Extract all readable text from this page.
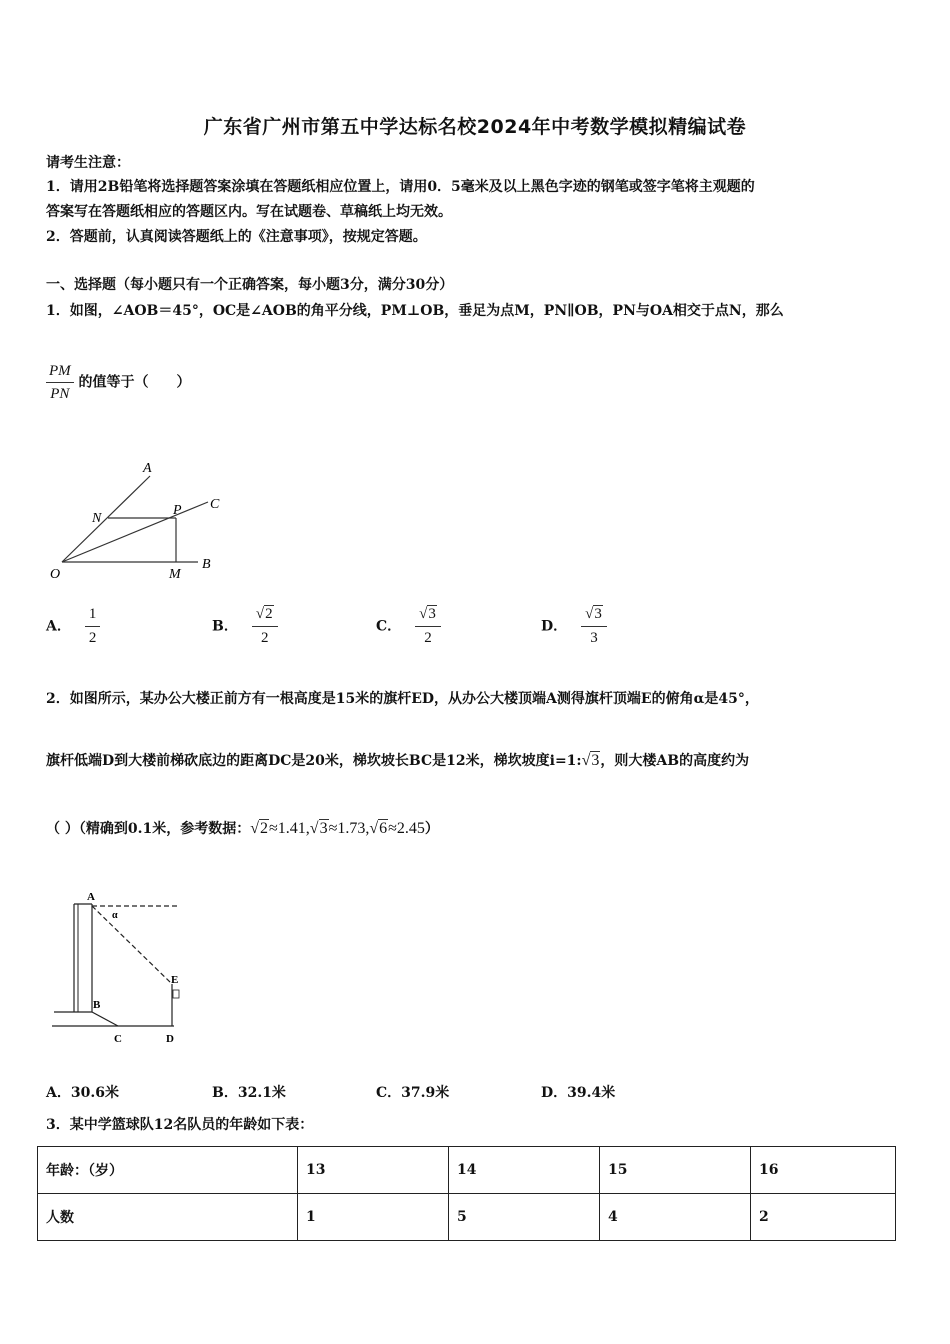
广东省广州市第五中学达标名校2024年中考数学模拟精编试卷
请考生注意：
1．请用2B铅笔将选择题答案涂填在答题纸相应位置上，请用0．5毫米及以上黑色字迹的钢笔或签字笔将主观题的
答案写在答题纸相应的答题区内。写在试题卷、草稿纸上均无效。
2．答题前，认真阅读答题纸上的《注意事项》，按规定答题。
一、选择题（每小题只有一个正确答案，每小题3分，满分30分）
1．如图，∠AOB＝45°，OC是∠AOB的角平分线，PM⊥OB，垂足为点M，PN∥OB，PN与OA相交于点N，那么
$\frac{PM}{PN}$ 的值等于（　　）
A
C
N
P
O	M
B
A． $\frac{1}{2}$	B． $\frac{√2}{2}$	C． $\frac{√3}{2}$	D． $\frac{√3}{3}$
2．如图所示，某办公大楼正前方有一根高度是15米的旗杆ED，从办公大楼顶端A测得旗杆顶端E的俯角α是45°，
旗杆低端D到大楼前梯砍底边的距离DC是20米，梯坎坡长BC是12米，梯坎坡度i=1:√3，则大楼AB的高度约为
（ ）（精确到0.1米，参考数据：√2≈1.41,√3≈1.73,√6≈2.45）
A
α
E
B
C	D
A．30.6米	B．32.1米	C．37.9米	D．39.4米
3．某中学篮球队12名队员的年龄如下表：
年龄：（岁）	13	14	15	16
人数	1	5	4	2
